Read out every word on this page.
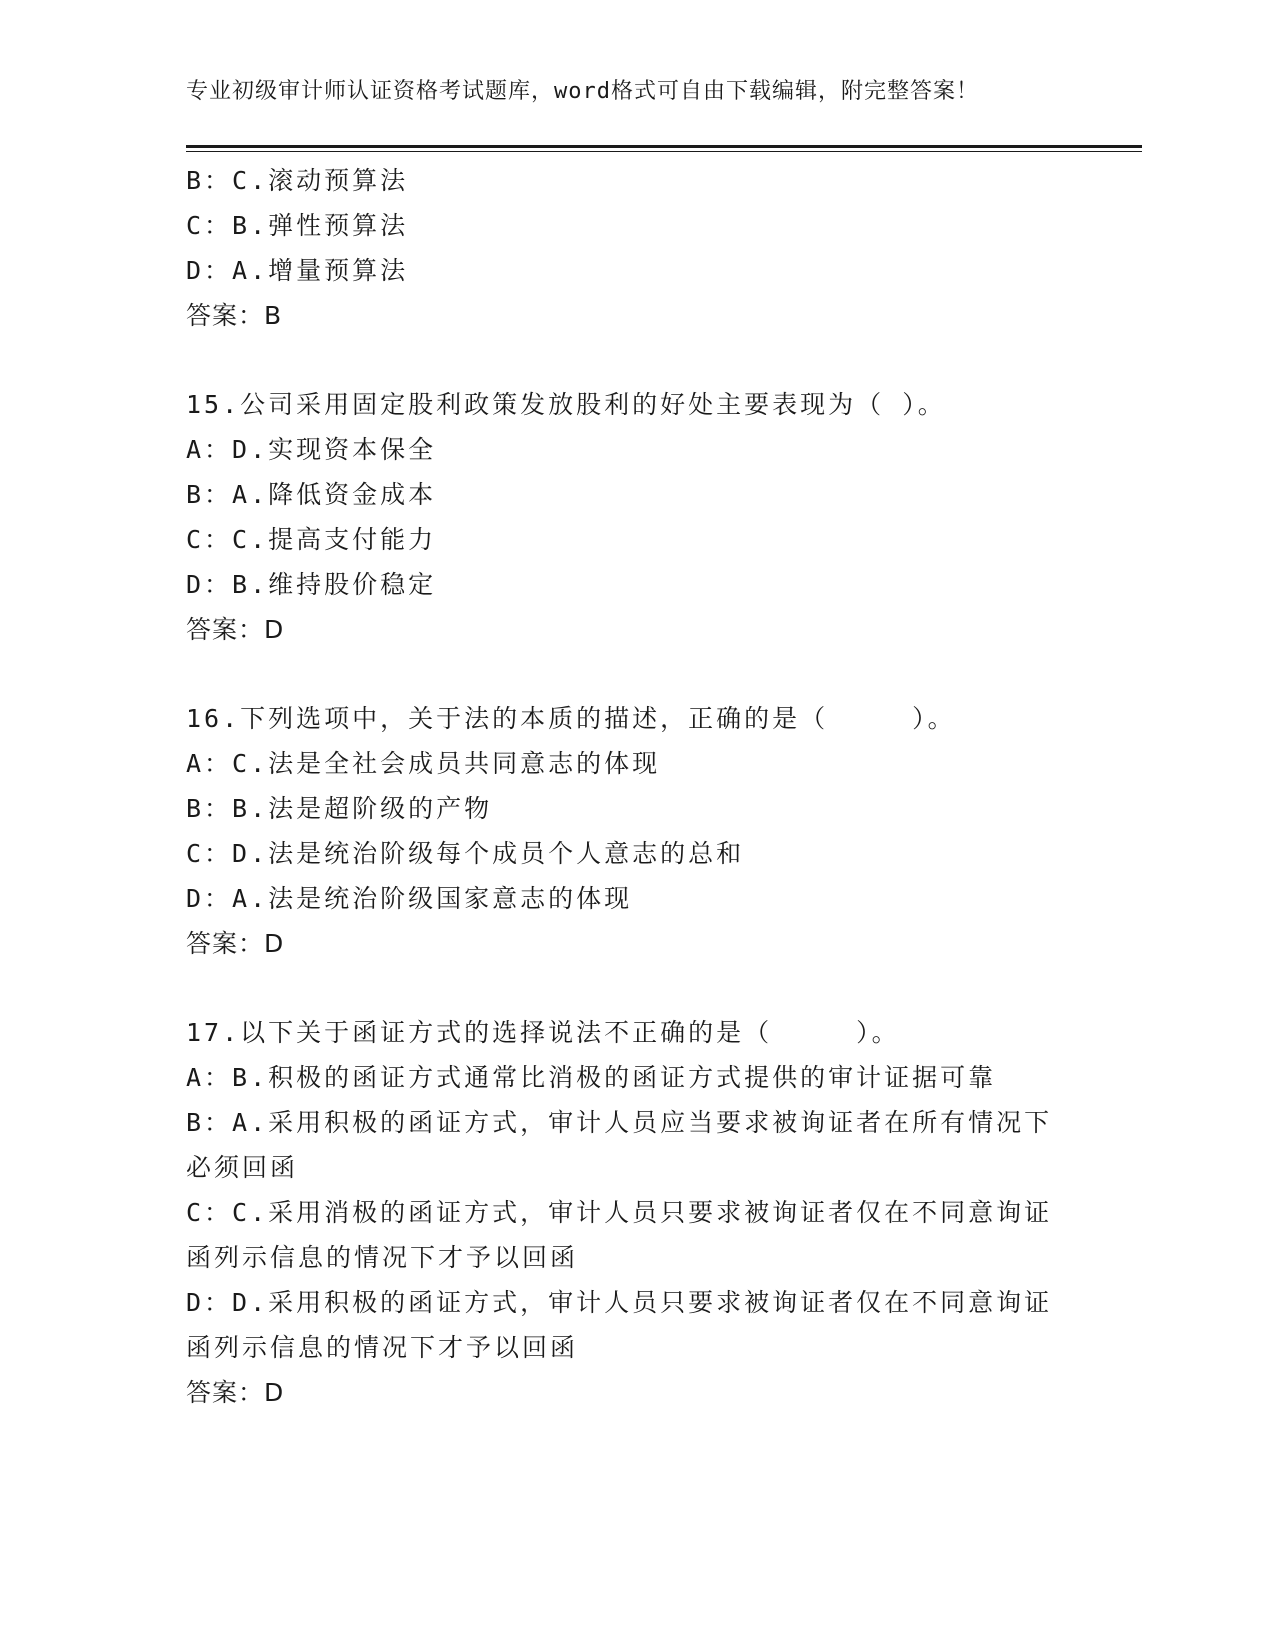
专业初级审计师认证资格考试题库，word格式可自由下载编辑，附完整答案！
B：C.滚动预算法
C：B.弹性预算法
D：A.增量预算法
答案：B
15.公司采用固定股利政策发放股利的好处主要表现为（ ）。
A：D.实现资本保全
B：A.降低资金成本
C：C.提高支付能力
D：B.维持股价稳定
答案：D
16.下列选项中，关于法的本质的描述，正确的是（　　　）。
A：C.法是全社会成员共同意志的体现
B：B.法是超阶级的产物
C：D.法是统治阶级每个成员个人意志的总和
D：A.法是统治阶级国家意志的体现
答案：D
17.以下关于函证方式的选择说法不正确的是（　　　）。
A：B.积极的函证方式通常比消极的函证方式提供的审计证据可靠
B：A.采用积极的函证方式，审计人员应当要求被询证者在所有情况下必须回函
C：C.采用消极的函证方式，审计人员只要求被询证者仅在不同意询证函列示信息的情况下才予以回函
D：D.采用积极的函证方式，审计人员只要求被询证者仅在不同意询证函列示信息的情况下才予以回函
答案：D
